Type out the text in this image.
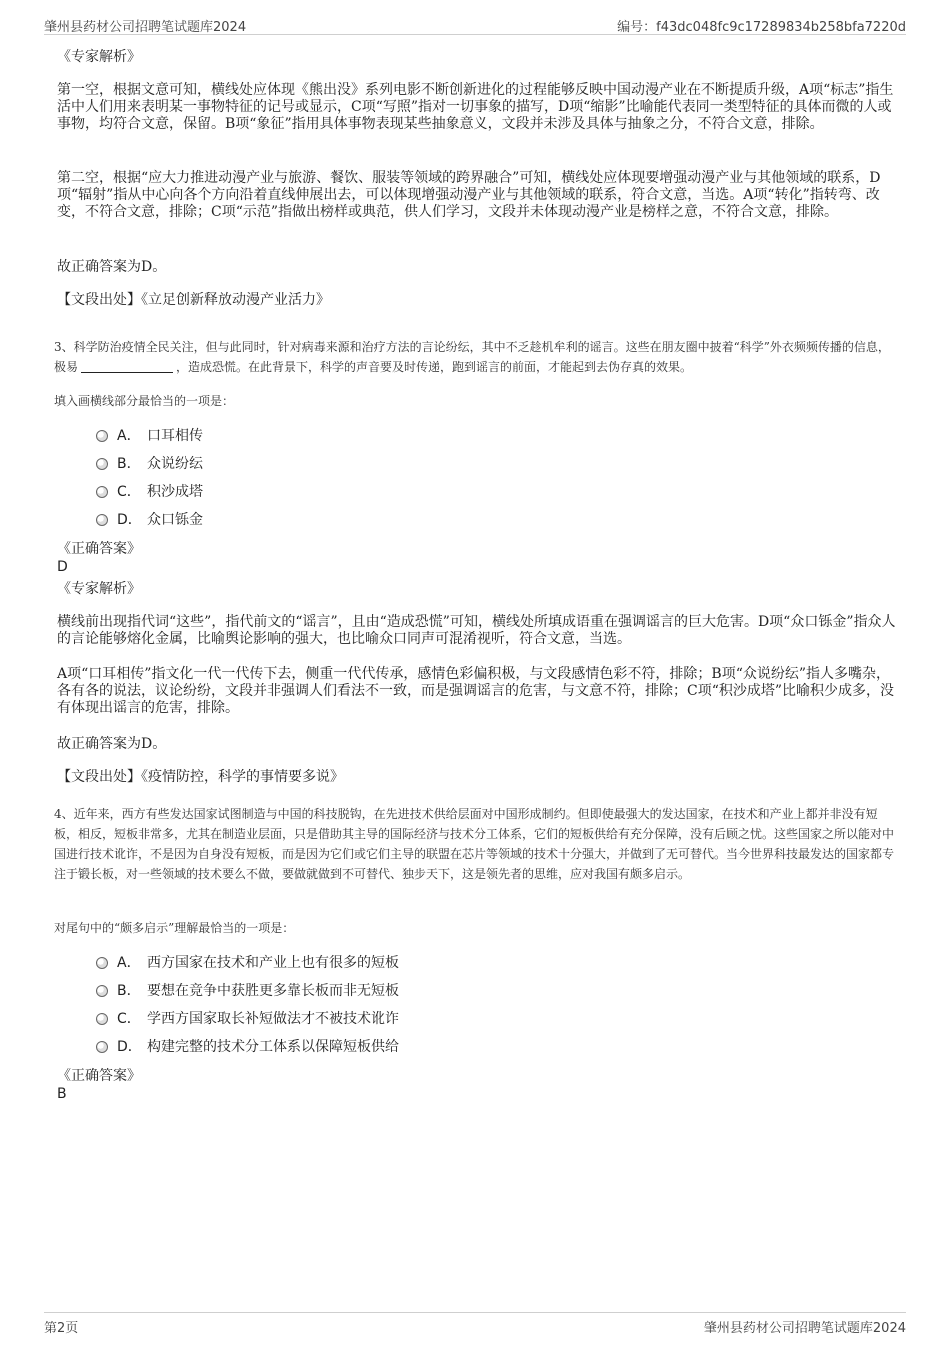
肇州县药材公司招聘笔试题库2024	编号：f43dc048fc9c17289834b258bfa7220d
《专家解析》
第一空，根据文意可知，横线处应体现《熊出没》系列电影不断创新进化的过程能够反映中国动漫产业在不断提质升级，A项“标志”指生活中人们用来表明某一事物特征的记号或显示，C项“写照”指对一切事象的描写，D项“缩影”比喻能代表同一类型特征的具体而微的人或事物，均符合文意，保留。B项“象征”指用具体事物表现某些抽象意义，文段并未涉及具体与抽象之分，不符合文意，排除。
第二空，根据“应大力推进动漫产业与旅游、餐饮、服装等领域的跨界融合”可知，横线处应体现要增强动漫产业与其他领域的联系，D项“辐射”指从中心向各个方向沿着直线伸展出去，可以体现增强动漫产业与其他领域的联系，符合文意，当选。A项“转化”指转弯、改变，不符合文意，排除；C项“示范”指做出榜样或典范，供人们学习，文段并未体现动漫产业是榜样之意，不符合文意，排除。
故正确答案为D。
【文段出处】《立足创新释放动漫产业活力》
3、科学防治疫情全民关注，但与此同时，针对病毒来源和治疗方法的言论纷纭，其中不乏趁机牟利的谣言。这些在朋友圈中披着“科学”外衣频频传播的信息，极易	，造成恐慌。在此背景下，科学的声音要及时传递，跑到谣言的前面，才能起到去伪存真的效果。
填入画横线部分最恰当的一项是：
A． 口耳相传
B． 众说纷纭
C． 积沙成塔
D． 众口铄金
《正确答案》
D
《专家解析》
横线前出现指代词“这些”，指代前文的“谣言”，且由“造成恐慌”可知，横线处所填成语重在强调谣言的巨大危害。D项“众口铄金”指众人的言论能够熔化金属，比喻舆论影响的强大，也比喻众口同声可混淆视听，符合文意，当选。
A项“口耳相传”指文化一代一代传下去，侧重一代代传承，感情色彩偏积极，与文段感情色彩不符，排除；B项“众说纷纭”指人多嘴杂，各有各的说法，议论纷纷，文段并非强调人们看法不一致，而是强调谣言的危害，与文意不符，排除；C项“积沙成塔”比喻积少成多，没有体现出谣言的危害，排除。
故正确答案为D。
【文段出处】《疫情防控，科学的事情要多说》
4、近年来，西方有些发达国家试图制造与中国的科技脱钩，在先进技术供给层面对中国形成制约。但即使最强大的发达国家，在技术和产业上都并非没有短板，相反，短板非常多，尤其在制造业层面，只是借助其主导的国际经济与技术分工体系，它们的短板供给有充分保障，没有后顾之忧。这些国家之所以能对中国进行技术讹诈，不是因为自身没有短板，而是因为它们或它们主导的联盟在芯片等领域的技术十分强大，并做到了无可替代。当今世界科技最发达的国家都专注于锻长板，对一些领域的技术要么不做，要做就做到不可替代、独步天下，这是领先者的思维，应对我国有颇多启示。
对尾句中的“颇多启示”理解最恰当的一项是：
A． 西方国家在技术和产业上也有很多的短板
B． 要想在竞争中获胜更多靠长板而非无短板
C． 学西方国家取长补短做法才不被技术讹诈
D． 构建完整的技术分工体系以保障短板供给
《正确答案》
B
第2页	肇州县药材公司招聘笔试题库2024
